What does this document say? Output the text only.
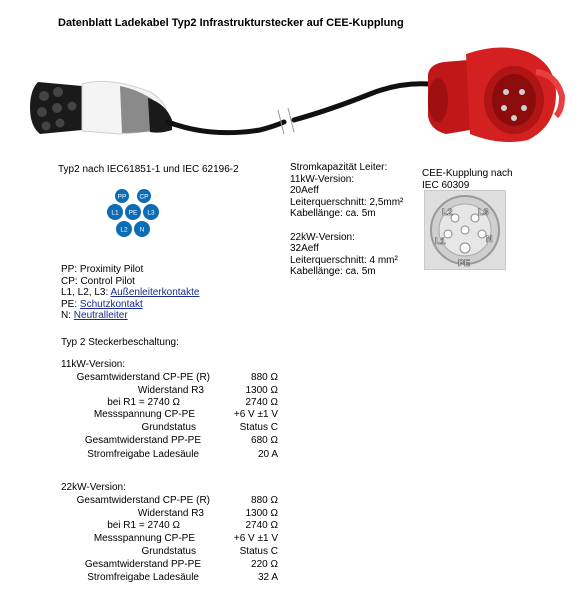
Datenblatt Ladekabel Typ2 Infrastrukturstecker auf CEE-Kupplung
Typ2 nach IEC61851-1 und IEC 62196-2
PP CP
L1 PE L3
L2 N
Stromkapazität Leiter:
11kW-Version:
20Aeff
Leiterquerschnitt: 2,5mm²
Kabellänge: ca. 5m
22kW-Version:
32Aeff
Leiterquerschnitt: 4 mm²
Kabellänge: ca. 5m
CEE-Kupplung nach
IEC 60309
L2	L3
L1	N
PE
PP: Proximity Pilot
CP: Control Pilot
L1, L2, L3: Außenleiterkontakte
PE: Schutzkontakt
N: Neutralleiter
Typ 2 Steckerbeschaltung:
11kW-Version:
Gesamtwiderstand CP-PE (R)	880 Ω
Widerstand R3	1300 Ω
bei R1 = 2740 Ω	2740 Ω
Messspannung CP-PE	+6 V ±1 V
Grundstatus	Status C
Gesamtwiderstand PP-PE	680 Ω
Stromfreigabe Ladesäule	20 A
22kW-Version:
Gesamtwiderstand CP-PE (R)	880 Ω
Widerstand R3	1300 Ω
bei R1 = 2740 Ω	2740 Ω
Messspannung CP-PE	+6 V ±1 V
Grundstatus	Status C
Gesamtwiderstand PP-PE	220 Ω
Stromfreigabe Ladesäule	32 A
